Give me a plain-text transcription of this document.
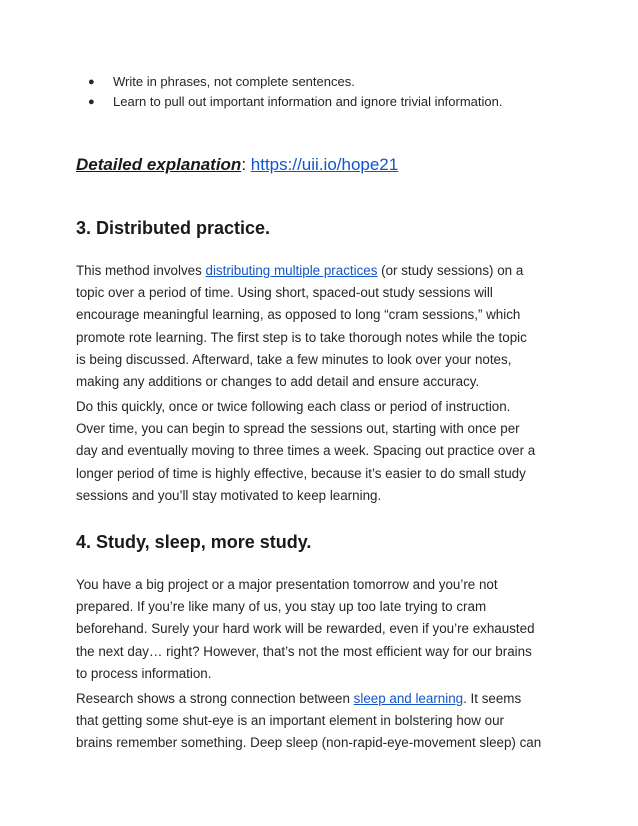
● Write in phrases, not complete sentences.
● Learn to pull out important information and ignore trivial information.
Detailed explanation: https://uii.io/hope21
3. Distributed practice.

This method involves distributing multiple practices (or study sessions) on a
topic over a period of time. Using short, spaced-out study sessions will
encourage meaningful learning, as opposed to long “cram sessions,” which
promote rote learning. The first step is to take thorough notes while the topic
is being discussed. Afterward, take a few minutes to look over your notes,
making any additions or changes to add detail and ensure accuracy.

Do this quickly, once or twice following each class or period of instruction.
Over time, you can begin to spread the sessions out, starting with once per
day and eventually moving to three times a week. Spacing out practice over a
longer period of time is highly effective, because it’s easier to do small study
sessions and you’ll stay motivated to keep learning.

4. Study, sleep, more study.

You have a big project or a major presentation tomorrow and you’re not
prepared. If you’re like many of us, you stay up too late trying to cram
beforehand. Surely your hard work will be rewarded, even if you’re exhausted
the next day… right? However, that’s not the most efficient way for our brains
to process information.

Research shows a strong connection between sleep and learning. It seems
that getting some shut-eye is an important element in bolstering how our
brains remember something. Deep sleep (non-rapid-eye-movement sleep) can
